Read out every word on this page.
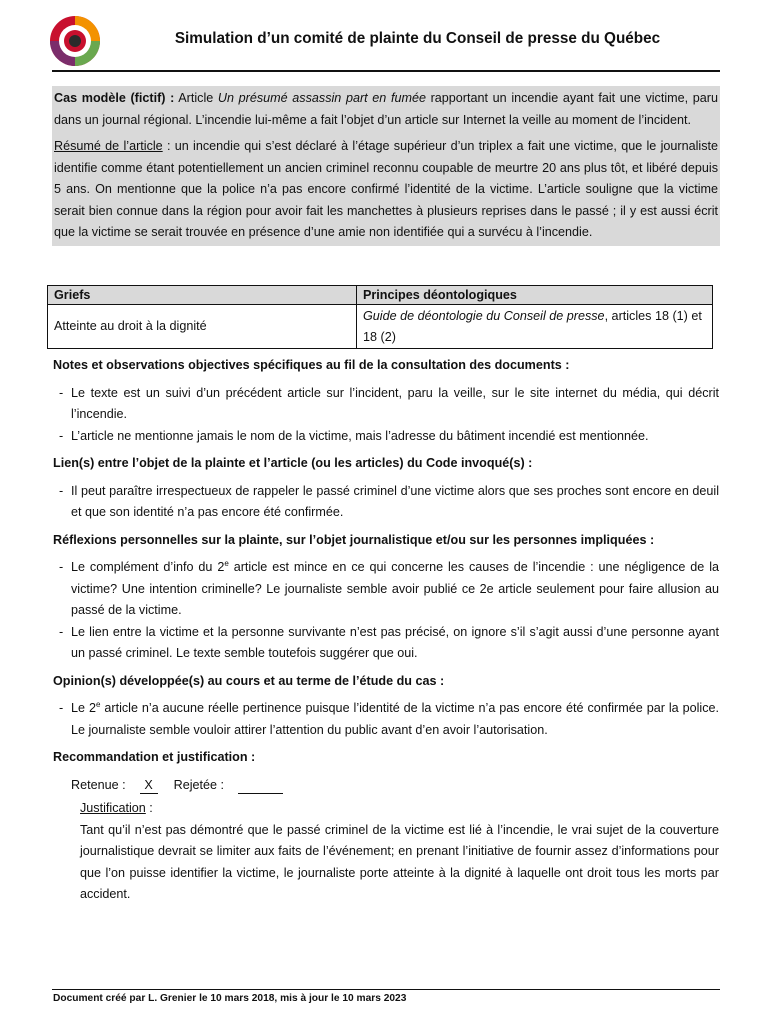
Simulation d’un comité de plainte du Conseil de presse du Québec

Cas modèle (fictif) : Article Un présumé assassin part en fumée rapportant un incendie ayant fait une victime, paru dans un journal régional. L’incendie lui-même a fait l’objet d’un article sur Internet la veille au moment de l’incident.

Résumé de l’article : un incendie qui s’est déclaré à l’étage supérieur d’un triplex a fait une victime, que le journaliste identifie comme étant potentiellement un ancien criminel reconnu coupable de meurtre 20 ans plus tôt, et libéré depuis 5 ans. On mentionne que la police n’a pas encore confirmé l’identité de la victime. L’article souligne que la victime serait bien connue dans la région pour avoir fait les manchettes à plusieurs reprises dans le passé ; il y est aussi écrit que la victime se serait trouvée en présence d’une amie non identifiée qui a survécu à l’incendie.

Griefs	Principes déontologiques
Atteinte au droit à la dignité	Guide de déontologie du Conseil de presse, articles 18 (1) et 18 (2)
Notes et observations objectives spécifiques au fil de la consultation des documents :
- Le texte est un suivi d’un précédent article sur l’incident, paru la veille, sur le site internet du média, qui décrit l’incendie.
- L’article ne mentionne jamais le nom de la victime, mais l’adresse du bâtiment incendié est mentionnée.
Lien(s) entre l’objet de la plainte et l’article (ou les articles) du Code invoqué(s) :
- Il peut paraître irrespectueux de rappeler le passé criminel d’une victime alors que ses proches sont encore en deuil et que son identité n’a pas encore été confirmée.
Réflexions personnelles sur la plainte, sur l’objet journalistique et/ou sur les personnes impliquées :
- Le complément d’info du 2e article est mince en ce qui concerne les causes de l’incendie : une négligence de la victime? Une intention criminelle? Le journaliste semble avoir publié ce 2e article seulement pour faire allusion au passé de la victime.
- Le lien entre la victime et la personne survivante n’est pas précisé, on ignore s’il s’agit aussi d’une personne ayant un passé criminel. Le texte semble toutefois suggérer que oui.
Opinion(s) développée(s) au cours et au terme de l’étude du cas :
- Le 2e article n’a aucune réelle pertinence puisque l’identité de la victime n’a pas encore été confirmée par la police. Le journaliste semble vouloir attirer l’attention du public avant d’en avoir l’autorisation.
Recommandation et justification :
Retenue : X Rejetée :
Justification :
Tant qu’il n’est pas démontré que le passé criminel de la victime est lié à l’incendie, le vrai sujet de la couverture journalistique devrait se limiter aux faits de l’événement; en prenant l’initiative de fournir assez d’informations pour que l’on puisse identifier la victime, le journaliste porte atteinte à la dignité à laquelle ont droit tous les morts par accident.
Document créé par L. Grenier le 10 mars 2018, mis à jour le 10 mars 2023
